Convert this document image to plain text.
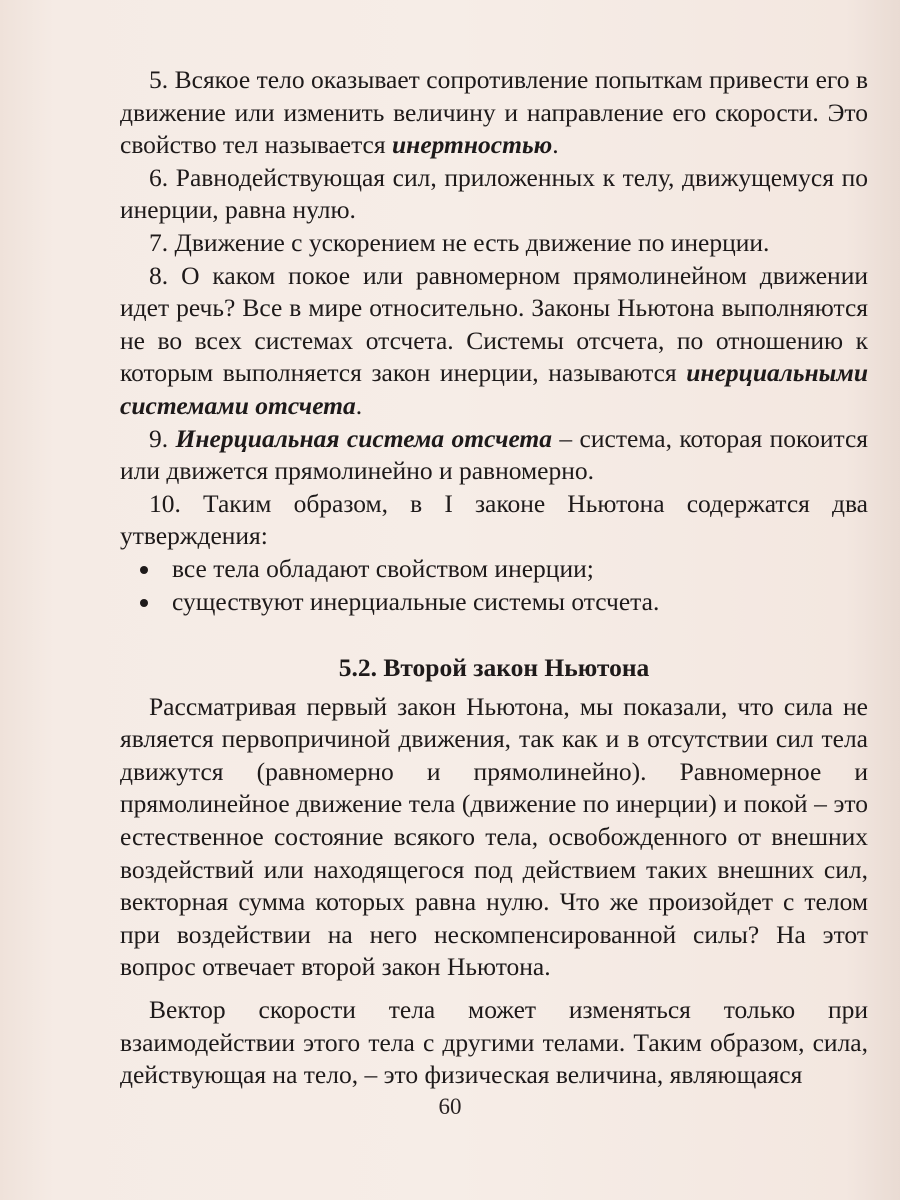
5. Всякое тело оказывает сопротивление попыткам привести его в движение или изменить величину и направление его скорости. Это свойство тел называется инертностью.

6. Равнодействующая сил, приложенных к телу, движущемуся по инерции, равна нулю.

7. Движение с ускорением не есть движение по инерции.

8. О каком покое или равномерном прямолинейном движении идет речь? Все в мире относительно. Законы Ньютона выполняются не во всех системах отсчета. Системы отсчета, по отношению к которым выполняется закон инерции, называются инерциальными системами отсчета.

9. Инерциальная система отсчета – система, которая покоится или движется прямолинейно и равномерно.

10. Таким образом, в I законе Ньютона содержатся два утверждения:

все тела обладают свойством инерции;
существуют инерциальные системы отсчета.
5.2. Второй закон Ньютона

Рассматривая первый закон Ньютона, мы показали, что сила не является первопричиной движения, так как и в отсутствии сил тела движутся (равномерно и прямолинейно). Равномерное и прямолинейное движение тела (движение по инерции) и покой – это естественное состояние всякого тела, освобожденного от внешних воздействий или находящегося под действием таких внешних сил, векторная сумма которых равна нулю. Что же произойдет с телом при воздействии на него нескомпенсированной силы? На этот вопрос отвечает второй закон Ньютона.

Вектор скорости тела может изменяться только при взаимодействии этого тела с другими телами. Таким образом, сила, действующая на тело, – это физическая величина, являющаяся

60
